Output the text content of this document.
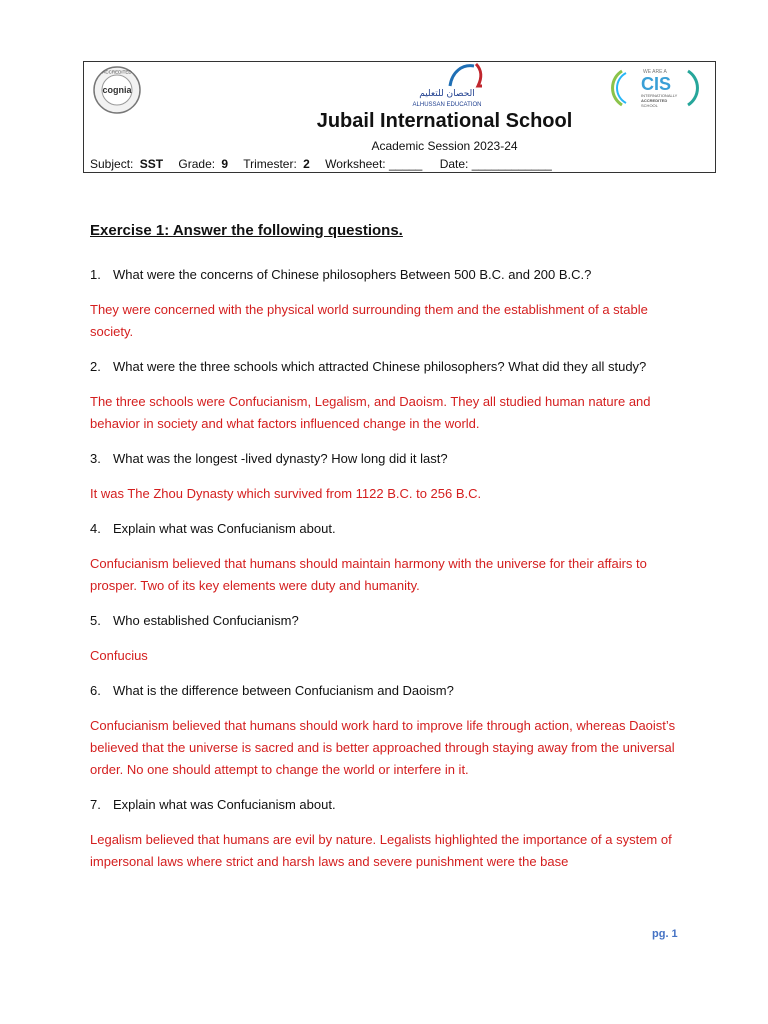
ACCREDITED
cognia	الحصان للتعليم
ALHUSSAN EDUCATION
WE ARE A
CIS
INTERNATIONALLY
ACCREDITED
SCHOOL
Jubail International School
Academic Session 2023-24
Subject: SST Grade: 9 Trimester: 2 Worksheet: _____ Date: ____________
Exercise 1: Answer the following questions.
1. What were the concerns of Chinese philosophers Between 500 B.C. and 200 B.C.?
They were concerned with the physical world surrounding them and the establishment of a stable society.
2. What were the three schools which attracted Chinese philosophers? What did they all study?
The three schools were Confucianism, Legalism, and Daoism. They all studied human nature and behavior in society and what factors influenced change in the world.
3. What was the longest -lived dynasty? How long did it last?
It was The Zhou Dynasty which survived from 1122 B.C. to 256 B.C.
4. Explain what was Confucianism about.
Confucianism believed that humans should maintain harmony with the universe for their affairs to prosper. Two of its key elements were duty and humanity.
5. Who established Confucianism?
Confucius
6. What is the difference between Confucianism and Daoism?
Confucianism believed that humans should work hard to improve life through action, whereas Daoist’s believed that the universe is sacred and is better approached through staying away from the universal order. No one should attempt to change the world or interfere in it.
7. Explain what was Confucianism about.
Legalism believed that humans are evil by nature. Legalists highlighted the importance of a system of impersonal laws where strict and harsh laws and severe punishment were the base
pg. 1
